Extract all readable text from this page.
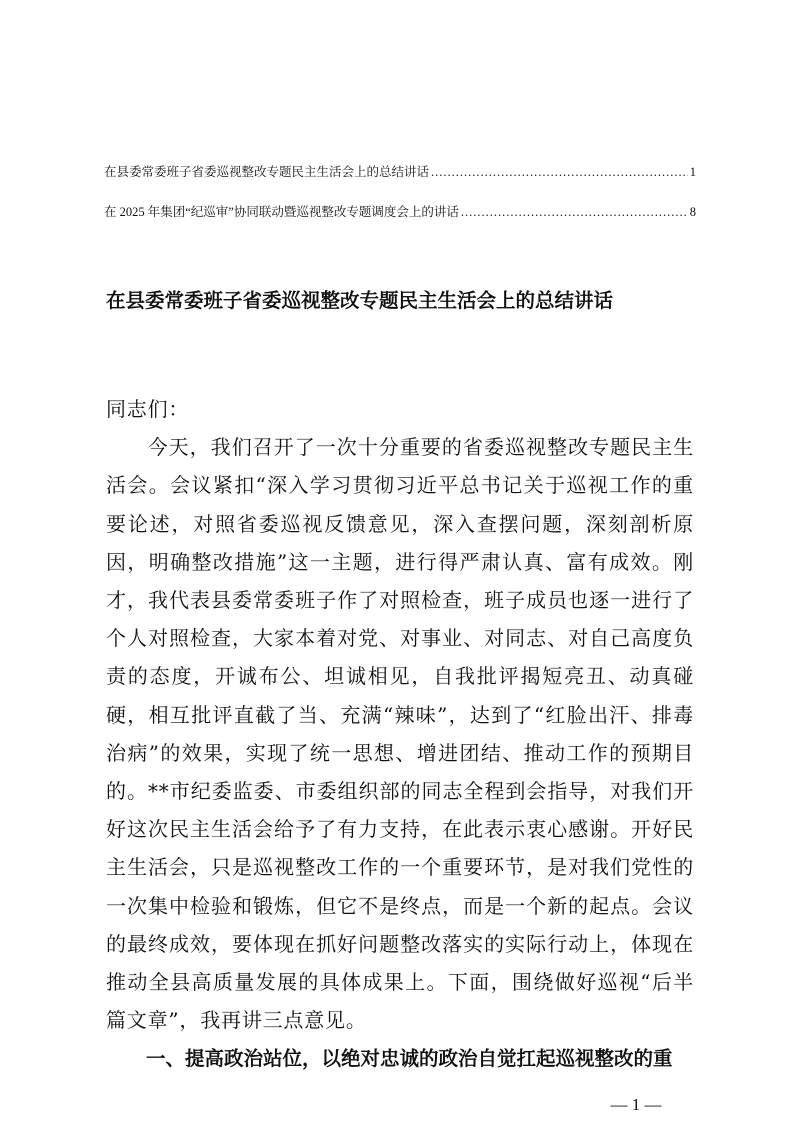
在县委常委班子省委巡视整改专题民主生活会上的总结讲话 .....	1
在 2025 年集团“纪巡审”协同联动暨巡视整改专题调度会上的讲话 .....	8
在县委常委班子省委巡视整改专题民主生活会上的总结讲话

同志们：

今天，我们召开了一次十分重要的省委巡视整改专题民主生活会。会议紧扣“深入学习贯彻习近平总书记关于巡视工作的重要论述，对照省委巡视反馈意见，深入查摆问题，深刻剖析原因，明确整改措施”这一主题，进行得严肃认真、富有成效。刚才，我代表县委常委班子作了对照检查，班子成员也逐一进行了个人对照检查，大家本着对党、对事业、对同志、对自己高度负责的态度，开诚布公、坦诚相见，自我批评揭短亮丑、动真碰硬，相互批评直截了当、充满“辣味”，达到了“红脸出汗、排毒治病”的效果，实现了统一思想、增进团结、推动工作的预期目的。**市纪委监委、市委组织部的同志全程到会指导，对我们开好这次民主生活会给予了有力支持，在此表示衷心感谢。开好民主生活会，只是巡视整改工作的一个重要环节，是对我们党性的一次集中检验和锻炼，但它不是终点，而是一个新的起点。会议的最终成效，要体现在抓好问题整改落实的实际行动上，体现在推动全县高质量发展的具体成果上。下面，围绕做好巡视“后半篇文章”，我再讲三点意见。

一、提高政治站位，以绝对忠诚的政治自觉扛起巡视整改的重

— 1 —
